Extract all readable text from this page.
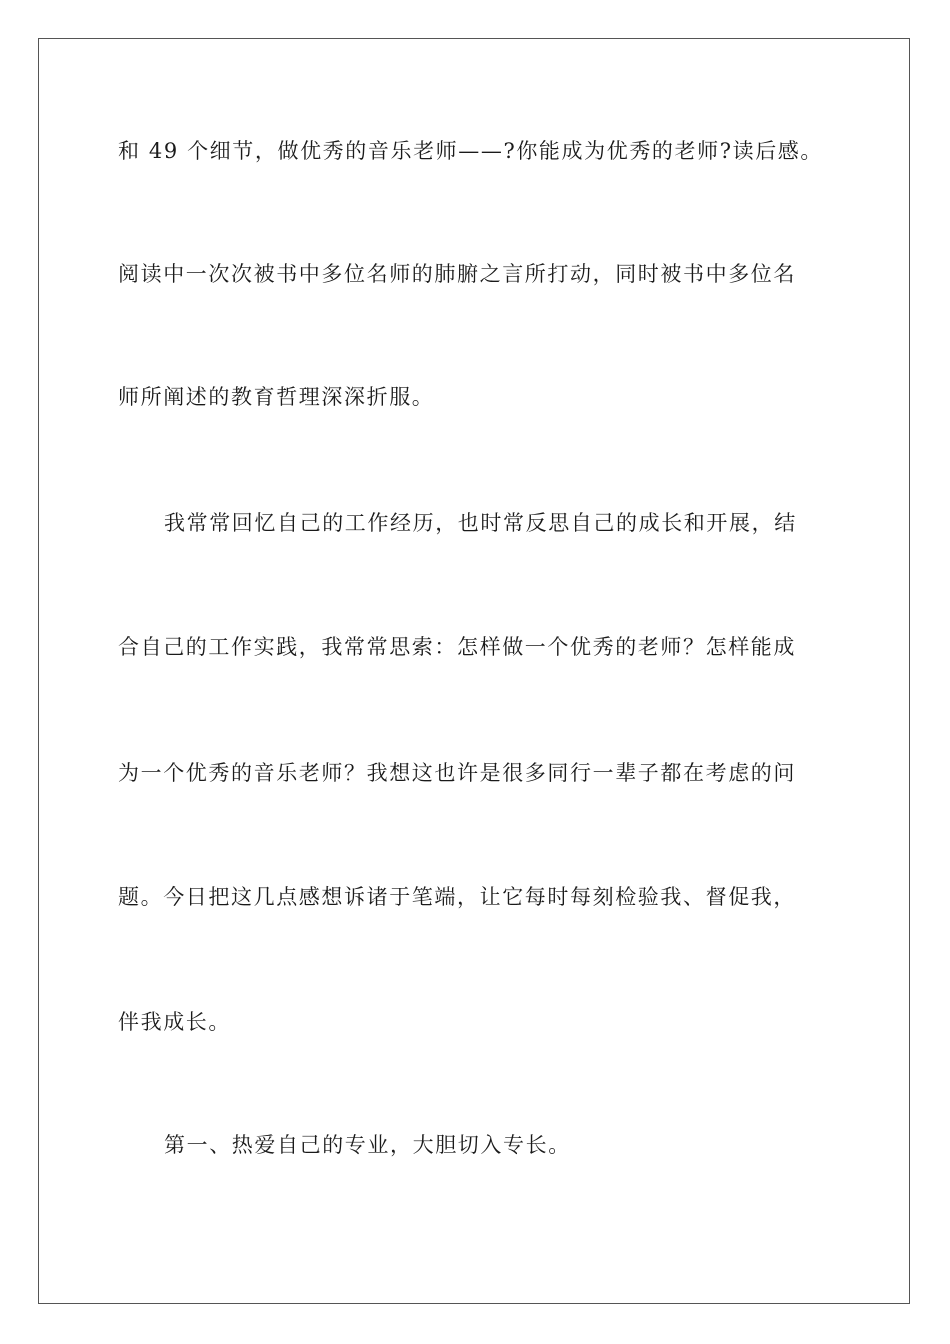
和 49 个细节，做优秀的音乐老师——?你能成为优秀的老师?读后感。
阅读中一次次被书中多位名师的肺腑之言所打动，同时被书中多位名
师所阐述的教育哲理深深折服。
我常常回忆自己的工作经历，也时常反思自己的成长和开展，结
合自己的工作实践，我常常思索：怎样做一个优秀的老师？怎样能成
为一个优秀的音乐老师？我想这也许是很多同行一辈子都在考虑的问
题。今日把这几点感想诉诸于笔端，让它每时每刻检验我、督促我，
伴我成长。
第一、热爱自己的专业，大胆切入专长。
